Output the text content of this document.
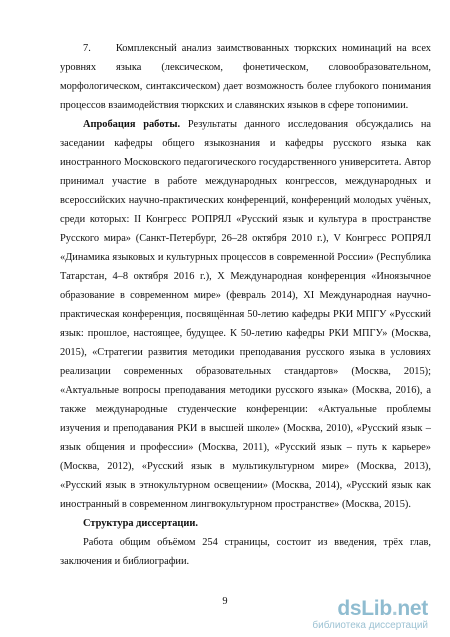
7.     Комплексный анализ заимствованных тюркских номинаций на всех уровнях языка (лексическом, фонетическом, словообразовательном, морфологическом, синтаксическом) дает возможность более глубокого понимания процессов взаимодействия тюркских и славянских языков в сфере топонимии.

Апробация работы. Результаты данного исследования обсуждались на заседании кафедры общего языкознания и кафедры русского языка как иностранного Московского педагогического государственного университета. Автор принимал участие в работе международных конгрессов, международных и всероссийских научно-практических конференций, конференций молодых учёных, среди которых: II Конгресс РОПРЯЛ «Русский язык и культура в пространстве Русского мира» (Санкт-Петербург, 26–28 октября 2010 г.), V Конгресс РОПРЯЛ «Динамика языковых и культурных процессов в современной России» (Республика Татарстан, 4–8 октября 2016 г.), X Международная конференция «Иноязычное образование в современном мире» (февраль 2014), XI Международная научно-практическая конференция, посвящённая 50-летию кафедры РКИ МПГУ «Русский язык: прошлое, настоящее, будущее. К 50-летию кафедры РКИ МПГУ» (Москва, 2015), «Стратегии развития методики преподавания русского языка в условиях реализации современных образовательных стандартов» (Москва, 2015); «Актуальные вопросы преподавания методики русского языка» (Москва, 2016), а также международные студенческие конференции: «Актуальные проблемы изучения и преподавания РКИ в высшей школе» (Москва, 2010), «Русский язык – язык общения и профессии» (Москва, 2011), «Русский язык – путь к карьере» (Москва, 2012), «Русский язык в мультикультурном мире» (Москва, 2013), «Русский язык в этнокультурном освещении» (Москва, 2014), «Русский язык как иностранный в современном лингвокультурном пространстве» (Москва, 2015).

Структура диссертации.

Работа общим объёмом 254 страницы, состоит из введения, трёх глав, заключения и библиографии.

9	dsLib.net
библиотека диссертаций
